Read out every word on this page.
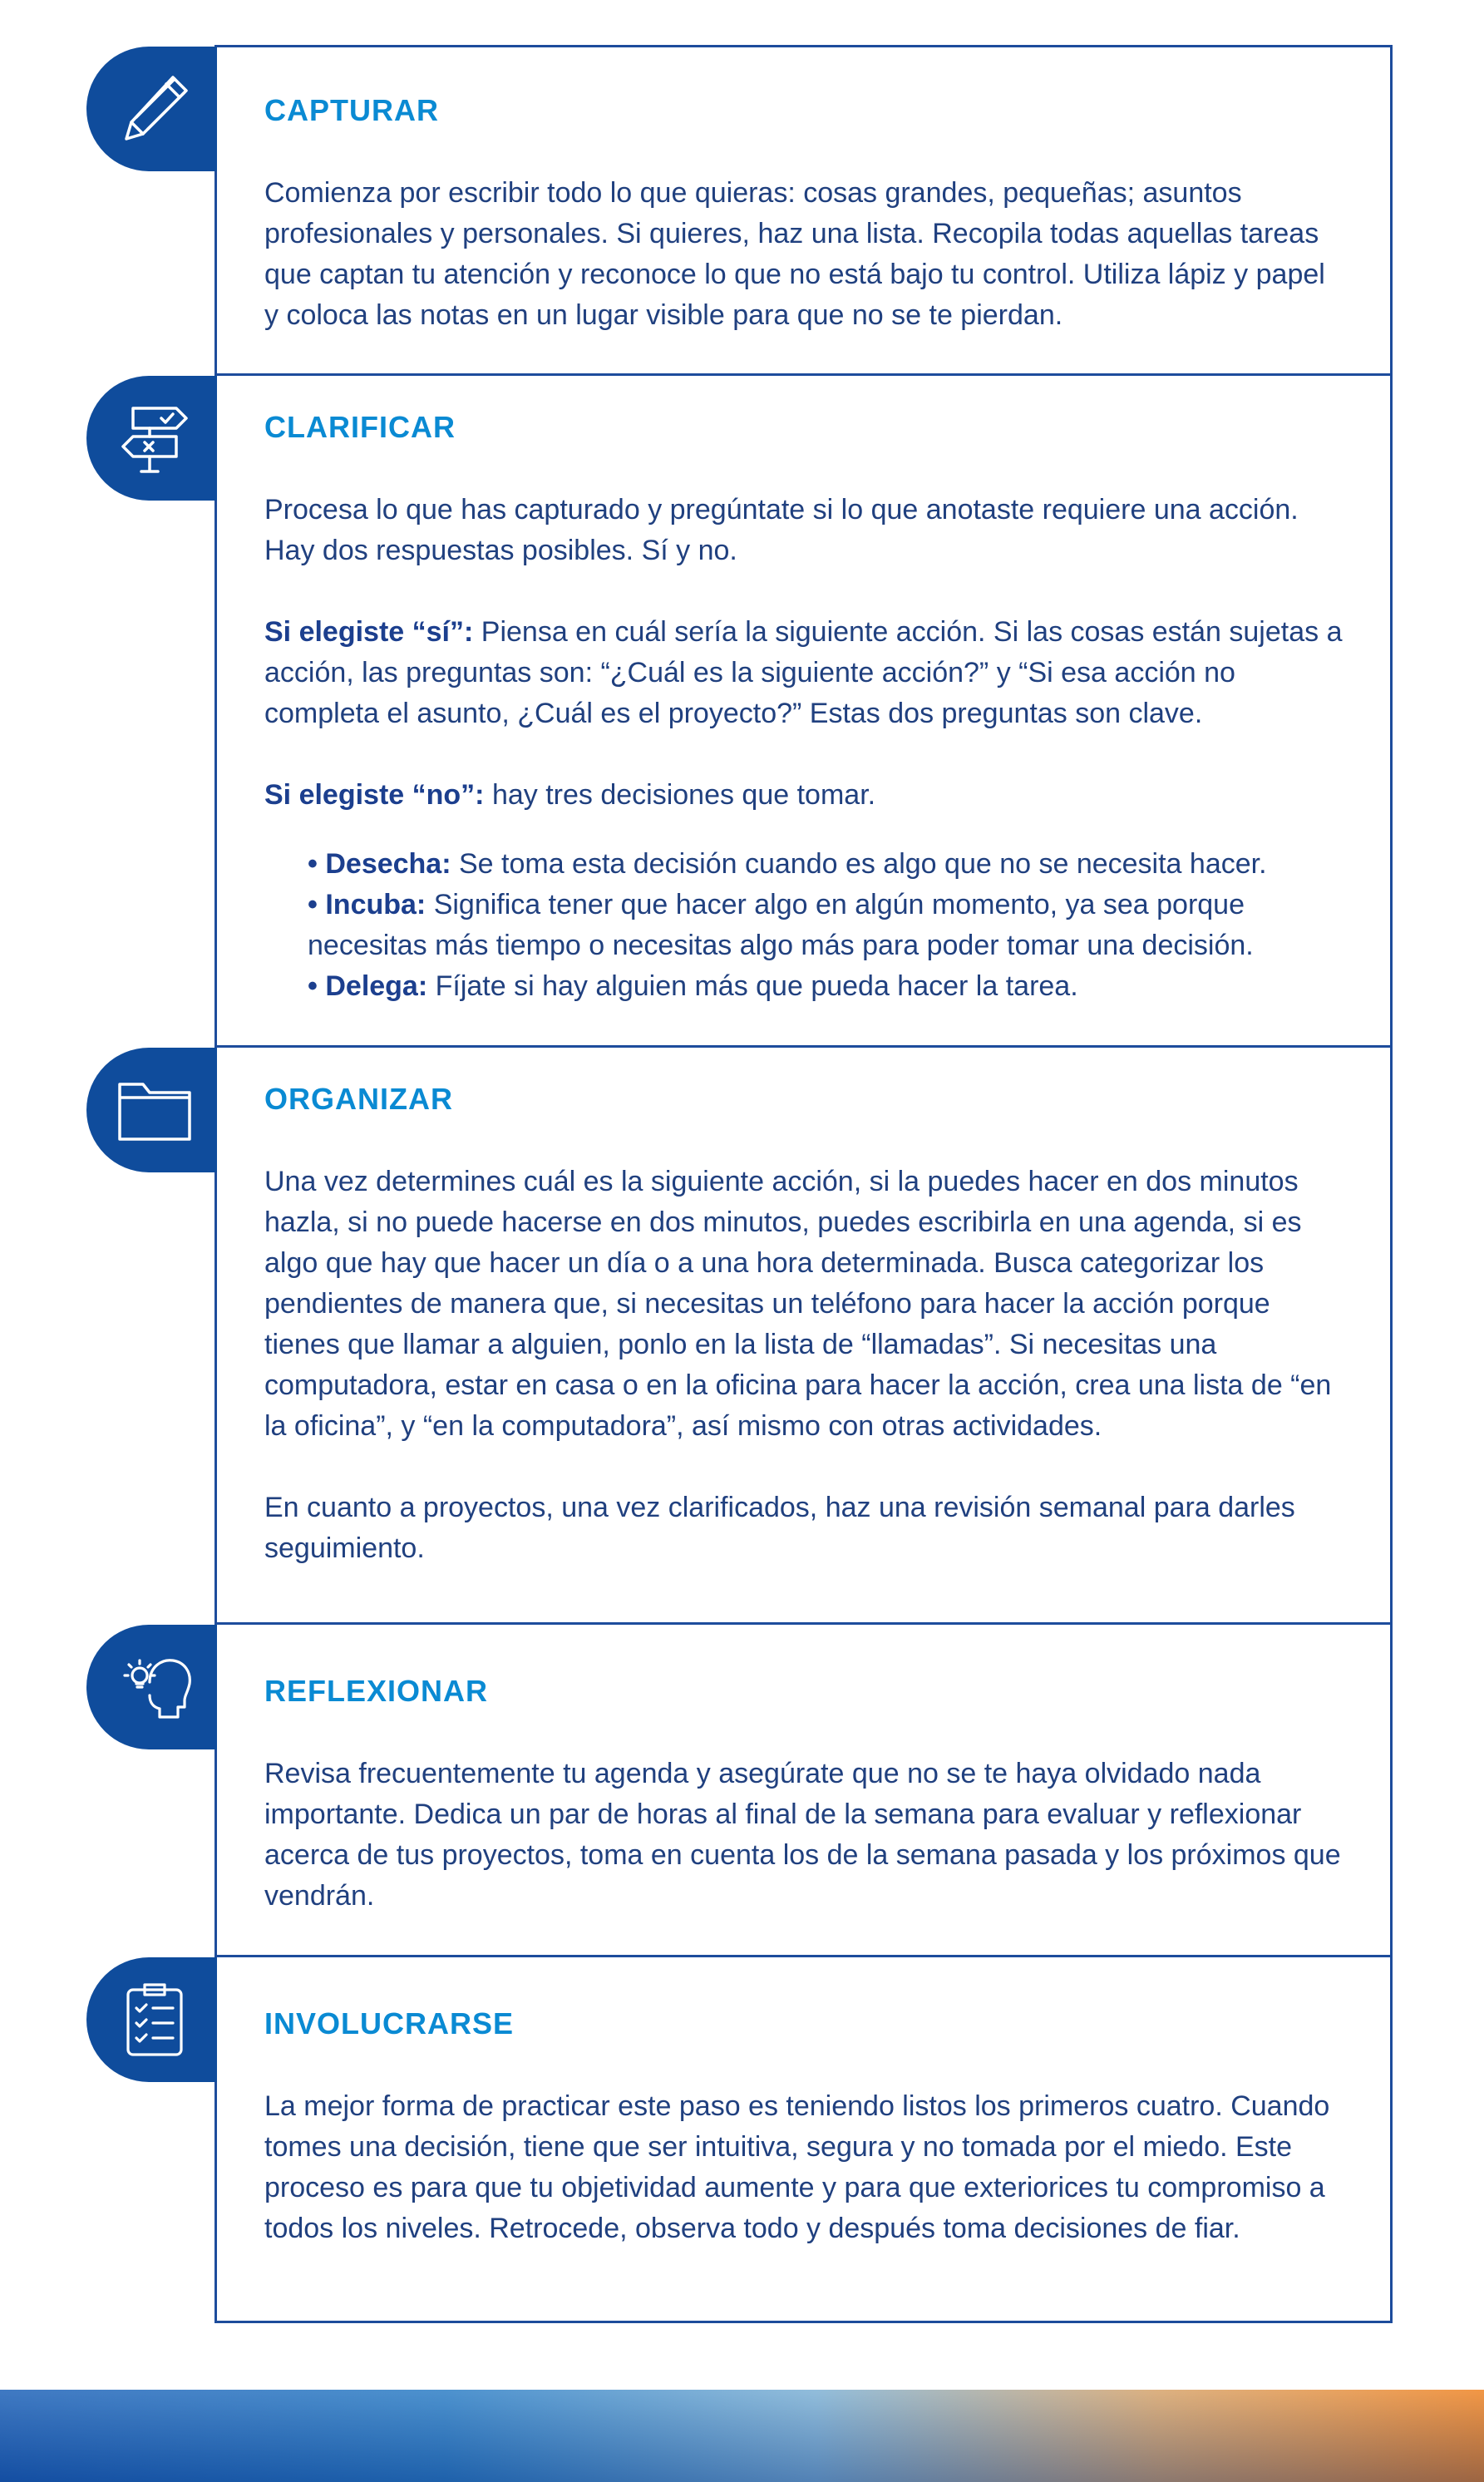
CAPTURAR

Comienza por escribir todo lo que quieras: cosas grandes, pequeñas; asuntos profesionales y personales. Si quieres, haz una lista. Recopila todas aquellas tareas que captan tu atención y reconoce lo que no está bajo tu control. Utiliza lápiz y papel y coloca las notas en un lugar visible para que no se te pierdan.

CLARIFICAR

Procesa lo que has capturado y pregúntate si lo que anotaste requiere una acción. Hay dos respuestas posibles. Sí y no.

Si elegiste “sí”: Piensa en cuál sería la siguiente acción. Si las cosas están sujetas a acción, las preguntas son: “¿Cuál es la siguiente acción?” y “Si esa acción no completa el asunto, ¿Cuál es el proyecto?” Estas dos preguntas son clave.

Si elegiste “no”: hay tres decisiones que tomar.

• Desecha: Se toma esta decisión cuando es algo que no se necesita hacer.
• Incuba: Significa tener que hacer algo en algún momento, ya sea porque necesitas más tiempo o necesitas algo más para poder tomar una decisión.
• Delega: Fíjate si hay alguien más que pueda hacer la tarea.
ORGANIZAR

Una vez determines cuál es la siguiente acción, si la puedes hacer en dos minutos hazla, si no puede hacerse en dos minutos, puedes escribirla en una agenda, si es algo que hay que hacer un día o a una hora determinada. Busca categorizar los pendientes de manera que, si necesitas un teléfono para hacer la acción porque tienes que llamar a alguien, ponlo en la lista de “llamadas”. Si necesitas una computadora, estar en casa o en la oficina para hacer la acción, crea una lista de “en la oficina”, y “en la computadora”, así mismo con otras actividades.

En cuanto a proyectos, una vez clarificados, haz una revisión semanal para darles seguimiento.

REFLEXIONAR

Revisa frecuentemente tu agenda y asegúrate que no se te haya olvidado nada importante. Dedica un par de horas al final de la semana para evaluar y reflexionar acerca de tus proyectos, toma en cuenta los de la semana pasada y los próximos que vendrán.

INVOLUCRARSE

La mejor forma de practicar este paso es teniendo listos los primeros cuatro. Cuando tomes una decisión, tiene que ser intuitiva, segura y no tomada por el miedo. Este proceso es para que tu objetividad aumente y para que exteriorices tu compromiso a todos los niveles. Retrocede, observa todo y después toma decisiones de fiar.
